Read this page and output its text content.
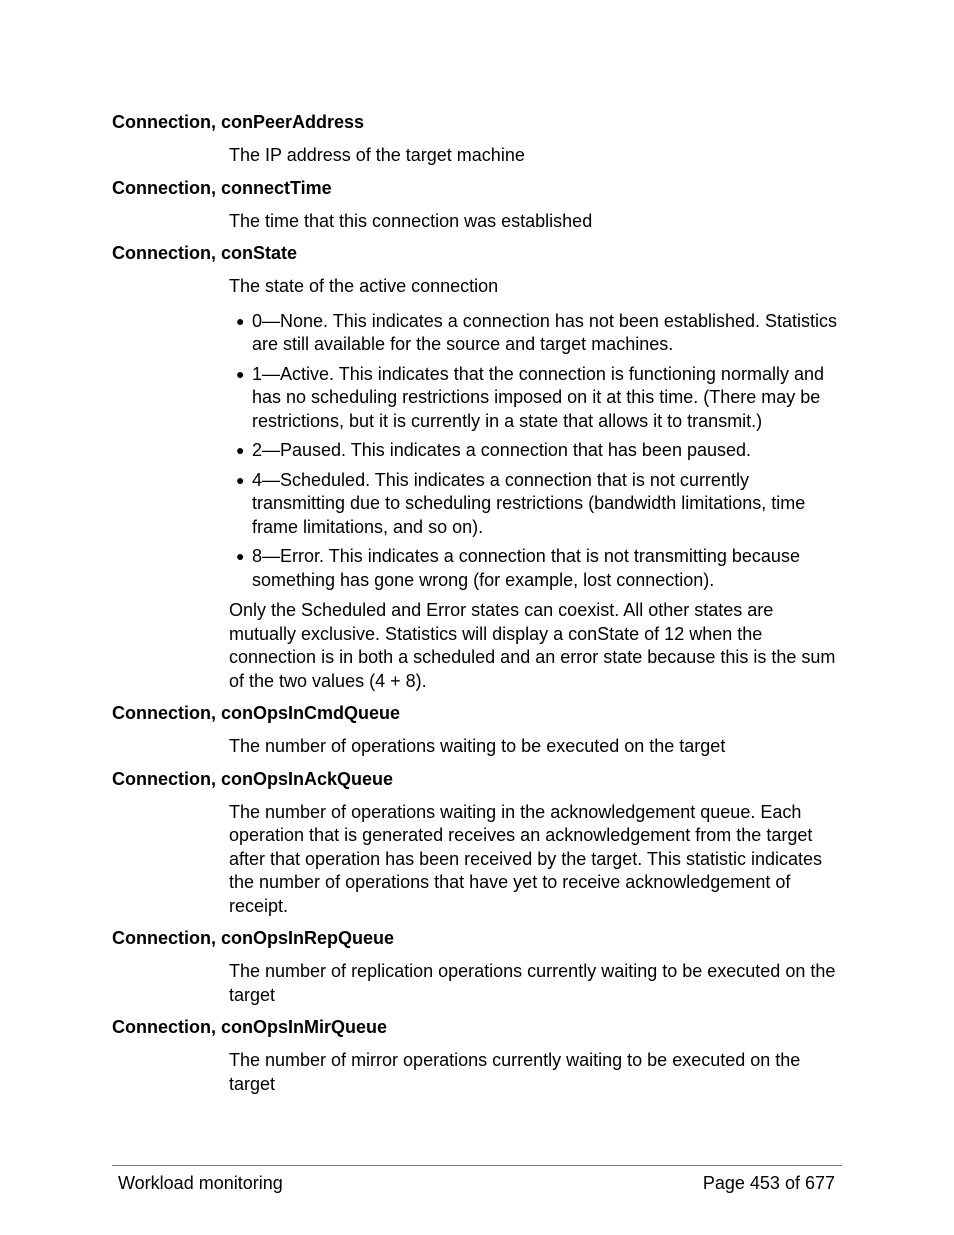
Connection, conPeerAddress

The IP address of the target machine

Connection, connectTime

The time that this connection was established

Connection, conState

The state of the active connection

● 0—None. This indicates a connection has not been established. Statistics are still available for the source and target machines.
● 1—Active. This indicates that the connection is functioning normally and has no scheduling restrictions imposed on it at this time. (There may be restrictions, but it is currently in a state that allows it to transmit.)
● 2—Paused. This indicates a connection that has been paused.
● 4—Scheduled. This indicates a connection that is not currently transmitting due to scheduling restrictions (bandwidth limitations, time frame limitations, and so on).
● 8—Error. This indicates a connection that is not transmitting because something has gone wrong (for example, lost connection).

Only the Scheduled and Error states can coexist. All other states are mutually exclusive. Statistics will display a conState of 12 when the connection is in both a scheduled and an error state because this is the sum of the two values (4 + 8).

Connection, conOpsInCmdQueue

The number of operations waiting to be executed on the target

Connection, conOpsInAckQueue

The number of operations waiting in the acknowledgement queue. Each operation that is generated receives an acknowledgement from the target after that operation has been received by the target. This statistic indicates the number of operations that have yet to receive acknowledgement of receipt.

Connection, conOpsInRepQueue

The number of replication operations currently waiting to be executed on the target

Connection, conOpsInMirQueue

The number of mirror operations currently waiting to be executed on the target

Workload monitoring	Page 453 of 677
